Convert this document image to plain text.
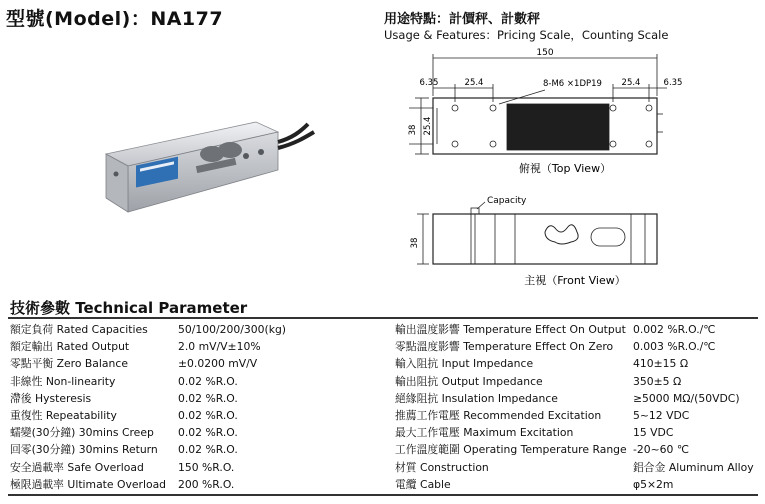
型號(Model)：NA177	用途特點：計價秤、計數秤
Usage & Features：Pricing Scale，Counting Scale
150
6.35	25.4	8-M6 ×1DP19 25.4	6.35
38 25.4
俯視（Top View）
Capacity
38
主視（Front View）
技術參數 Technical Parameter
額定負荷 Rated Capacities	50/100/200/300(kg)
額定輸出 Rated Output	2.0 mV/V±10%
零點平衡 Zero Balance	±0.0200 mV/V
非線性 Non-linearity	0.02 %R.O.
滯後 Hysteresis	0.02 %R.O.
重復性 Repeatability	0.02 %R.O.
蠕變(30分鐘) 30mins Creep 0.02 %R.O.
回零(30分鐘) 30mins Return 0.02 %R.O.
安全過載率 Safe Overload	150 %R.O.
極限過載率 Ultimate Overload 200 %R.O.
輸出溫度影響 Temperature Effect On Output 0.002 %R.O./℃
零點溫度影響 Temperature Effect On Zero 0.003 %R.O./℃
輸入阻抗 Input Impedance	410±15 Ω
輸出阻抗 Output Impedance	350±5 Ω
絕緣阻抗 Insulation Impedance	≥5000 MΩ/(50VDC)
推薦工作電壓 Recommended Excitation	5~12 VDC
最大工作電壓 Maximum Excitation	15 VDC
工作溫度範圍 Operating Temperature Range -20~60 ℃
材質 Construction	鋁合金 Aluminum Alloy
電纜 Cable	φ5×2m
